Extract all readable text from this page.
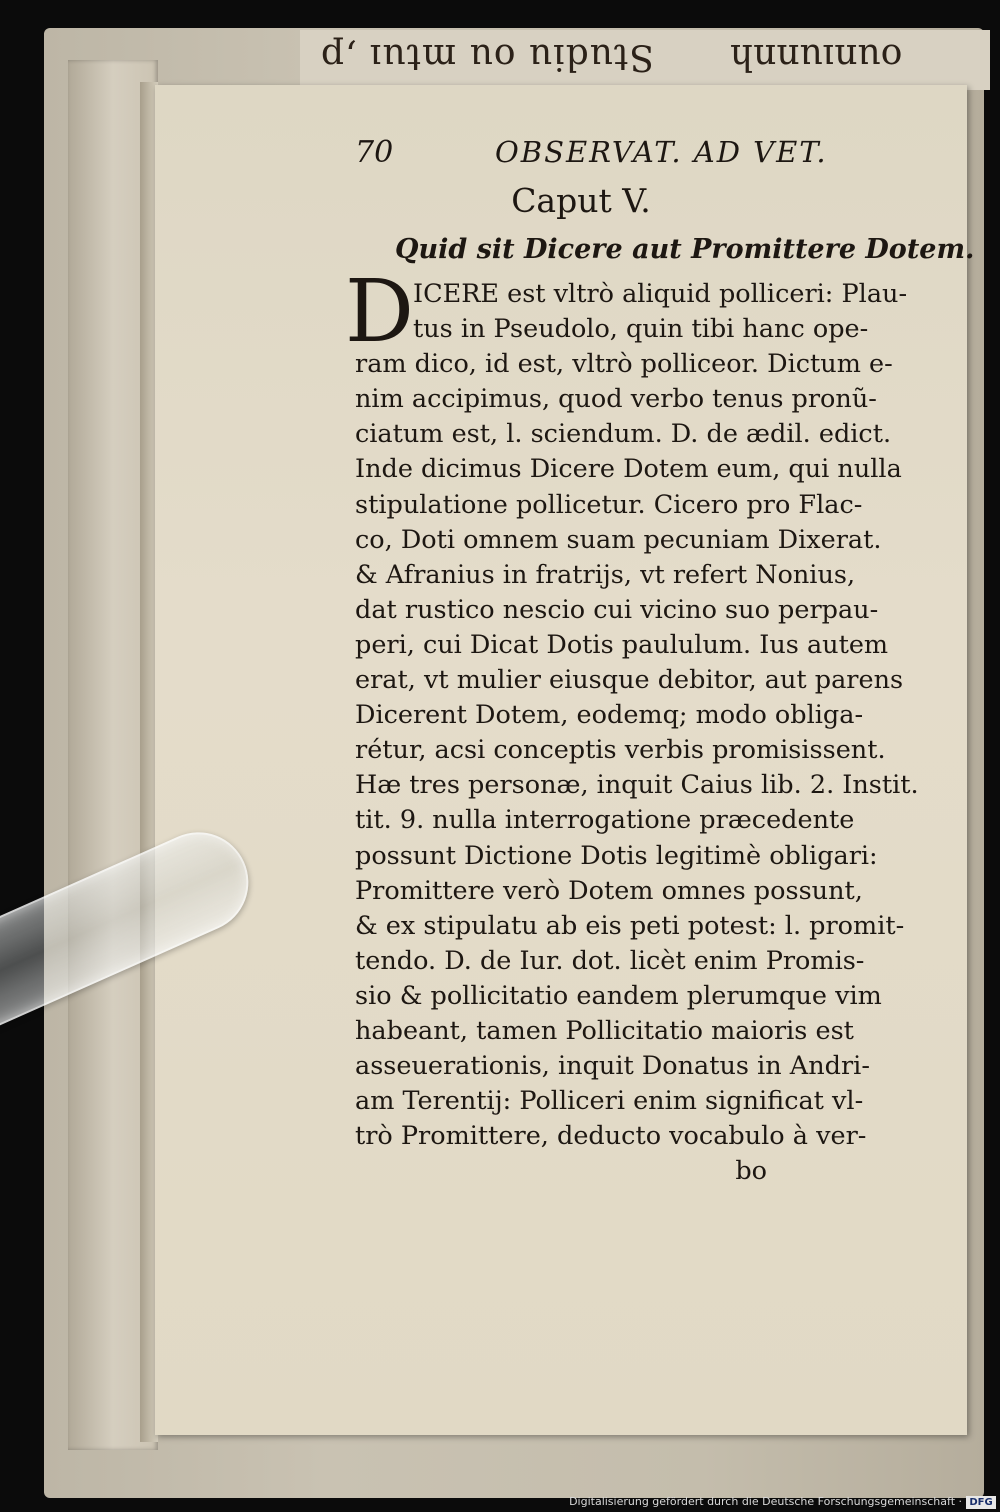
Studiu ou mtuı ,p ounıunnh
70	OBSERVAT. AD VET.
Caput V.
Quid sit Dicere aut Promittere Dotem.
D ICERE est vltrò aliquid polliceri: Plau-
tus in Pseudolo, quin tibi hanc ope-
ram dico, id est, vltrò polliceor. Dictum e-
nim accipimus, quod verbo tenus pronũ-
ciatum est, l. sciendum. D. de ædil. edict.
Inde dicimus Dicere Dotem eum, qui nulla
stipulatione pollicetur. Cicero pro Flac-
co, Doti omnem suam pecuniam Dixerat.
& Afranius in fratrijs, vt refert Nonius,
dat rustico nescio cui vicino suo perpau-
peri, cui Dicat Dotis paululum. Ius autem
erat, vt mulier eiusque debitor, aut parens
Dicerent Dotem, eodemq; modo obliga-
rétur, acsi conceptis verbis promisissent.
Hæ tres personæ, inquit Caius lib. 2. Instit.
tit. 9. nulla interrogatione præcedente
possunt Dictione Dotis legitimè obligari:
Promittere verò Dotem omnes possunt,
& ex stipulatu ab eis peti potest: l. promit-
tendo. D. de Iur. dot. licèt enim Promis-
sio & pollicitatio eandem plerumque vim
habeant, tamen Pollicitatio maioris est
asseuerationis, inquit Donatus in Andri-
am Terentij: Polliceri enim significat vl-
trò Promittere, deducto vocabulo à ver-
bo
Digitalisierung gefördert durch die Deutsche Forschungsgemeinschaft · DFG
